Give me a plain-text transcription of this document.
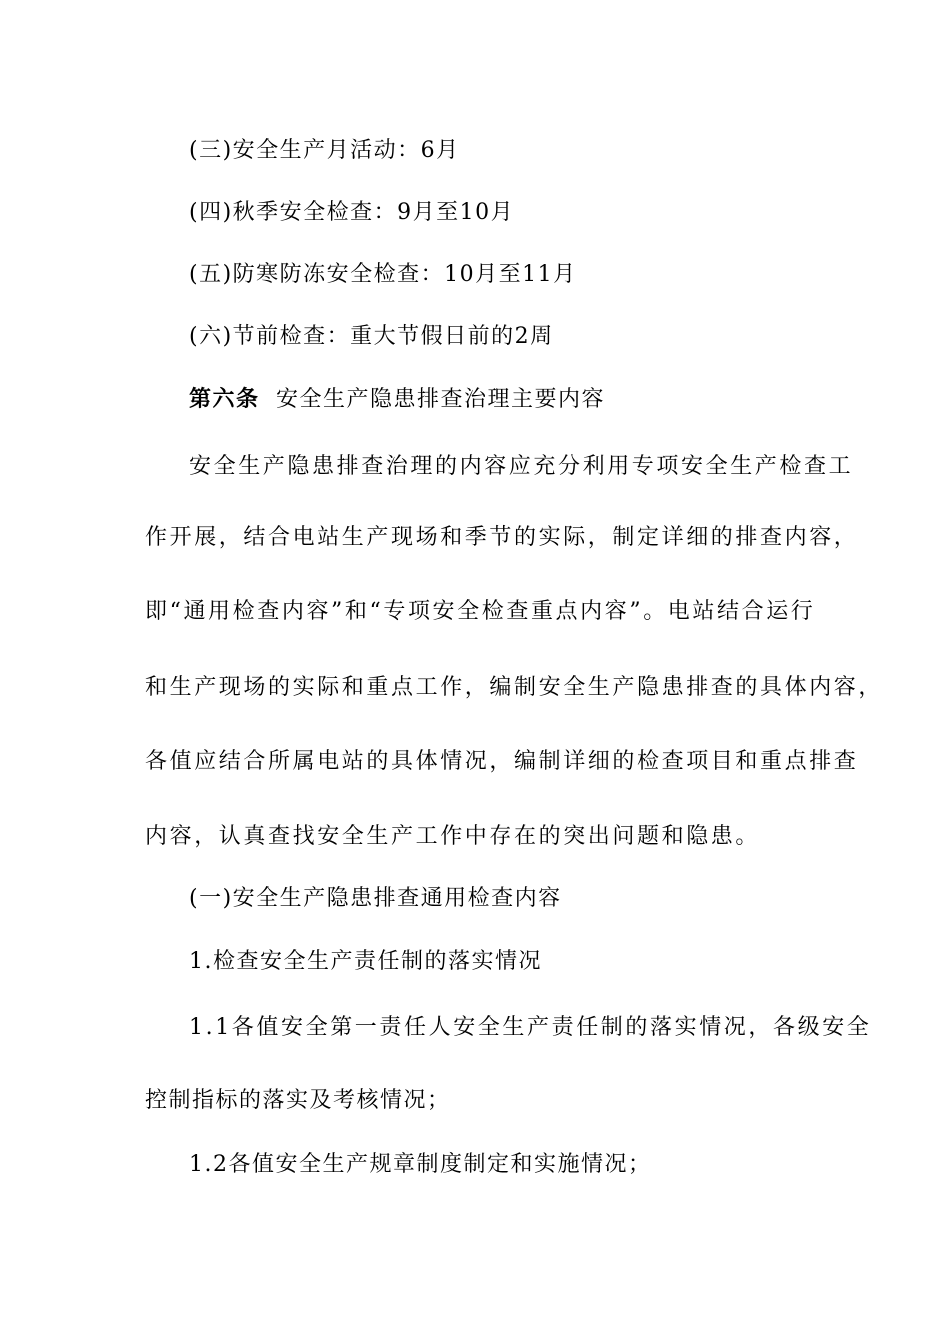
(三)安全生产月活动：6月
(四)秋季安全检查：9月至10月
(五)防寒防冻安全检查：10月至11月
(六)节前检查：重大节假日前的2周
第六条 安全生产隐患排查治理主要内容
安全生产隐患排查治理的内容应充分利用专项安全生产检查工
作开展，结合电站生产现场和季节的实际，制定详细的排查内容，
即“通用检查内容”和“专项安全检查重点内容”。电站结合运行
和生产现场的实际和重点工作，编制安全生产隐患排查的具体内容，
各值应结合所属电站的具体情况，编制详细的检查项目和重点排查
内容，认真查找安全生产工作中存在的突出问题和隐患。
(一)安全生产隐患排查通用检查内容
1.检查安全生产责任制的落实情况
1.1各值安全第一责任人安全生产责任制的落实情况，各级安全
控制指标的落实及考核情况；
1.2各值安全生产规章制度制定和实施情况；
